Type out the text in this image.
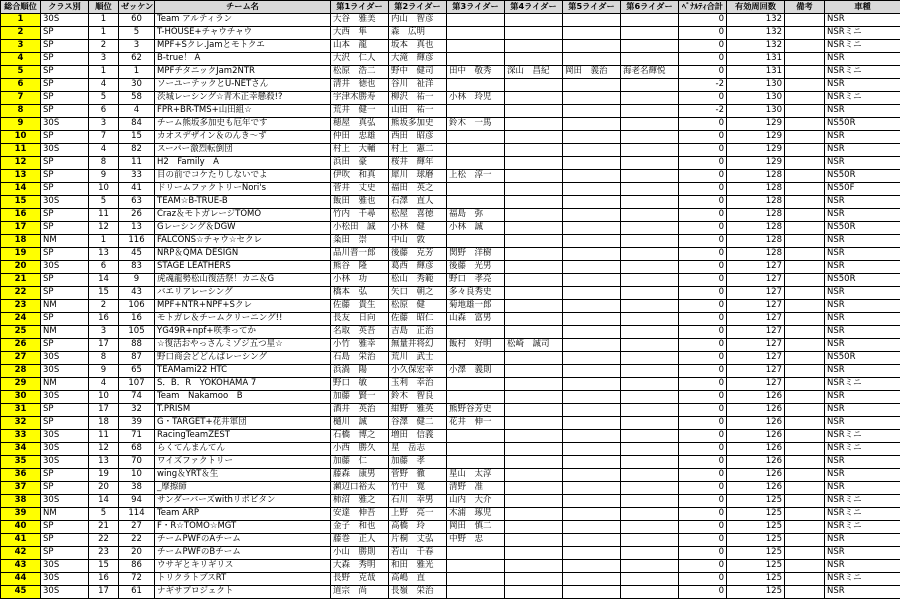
総合順位	クラス別	順位	ゼッケン	チーム名	第1ライダー	第2ライダー	第3ライダー	第4ライダー	第5ライダー	第6ライダー	ﾍﾟﾅﾙﾃｨ合計	有効周回数	備考	車種
1	30S	1	60	Team アルティラン	大谷　雅美	内山　智彦					0	132		NSR
2	SP	1	5	T-HOUSE+チャウチャウ	大西　隼	森　広明					0	132		NSRミニ
3	SP	2	3	MPF+Sクレ.Jamとモトクエ	山本　龍	坂本　真也					0	132		NSRミニ
4	SP	3	62	B-true！ A	大沢　仁人	大滝　輝彦					0	131		NSR
5	SP	1	1	MPFチタニックJam2NTR	松原　浩二	野中　健司	田中　敬秀	深山　昌紀	岡田　義治	海老名輝悦	0	131		NSRミニ
6	SP	4	30	ソーユーテックとU-NETさん	清井　徳也	谷川　祉洋					-2	130		NSR
7	SP	5	58	茨城レーシング☆青木正幸懸殺!?	宇津木勝寿	柳沢　祐一	小林　玲児				0	130		NSRミニ
8	SP	6	4	FPR+BR-TMS+山田組☆	荒井　健一	山田　祐一					-2	130		NSR
9	30S	3	84	チーム熊坂多加史も厄年です	穂屋　真弘	熊坂多加史	鈴木　一馬				0	129		NS50R
10	SP	7	15	カオスデザイン＆のんき〜ず	仲田　忠雄	西田　昭彦					0	129		NSR
11	30S	4	82	スーパー激烈転倒団	村上　大輔	村上　憲二					0	129		NSR
12	SP	8	11	H2　Family　A	浜田　豪	桜井　輝年					0	129		NSR
13	SP	9	33	目の前でコケたりしないでよ	伊吹　和真	犀川　球磨	上松　淳一				0	128		NS50R
14	SP	10	41	ドリームファクトリーNori's	菅井　丈史	福田　英之					0	128		NS50F
15	30S	5	63	TEAM☆B-TRUE-B	飯田　雅也	石澤　直人					0	128		NSR
16	SP	11	26	Craz＆モトガレージTOMO	竹内　千尋	松屋　喜徳	福島　弥				0	128		NSR
17	SP	12	13	Gレーシング＆DGW	小松田　誠	小林　健	小林　誠				0	128		NS50R
18	NM	1	116	FALCONS☆チャウ☆セクレ	粂田　崇	中山　敦					0	128		NSR
19	SP	13	45	NRP＆QMA DESIGN	品川晋一郎	後藤　克芳	関野　洋樹				0	128		NSR
20	30S	6	83	STAGE LEATHERS	熊谷　隆	葛西　輝彦	後藤　光男				0	127		NSR
21	SP	14	9	虎魂龍勢松山復活祭！カニ＆G	小林　功	松山　秀範	野口　孝亮				0	127		NS50R
22	SP	15	43	バエリアレーシング	橋本　弘	矢口　朝之	多々良秀史				0	127		NSR
23	NM	2	106	MPF+NTR+NPF+Sクレ	佐藤　貴生	松原　健	菊地雄一郎				0	127		NSR
24	SP	16	16	モトガレ＆チームクリーニング!!	長友　日向	佐藤　昭仁	山森　富男				0	127		NSR
25	NM	3	105	YG49R+npf+咲季ってか	名取　英吾	吉島　正治					0	127		NSR
26	SP	17	88	☆復活おやっさんミゾジ五つ星☆	小竹　雅幸	無量井将幻	飯村　好明	松崎　誠司			0	127		NSR
27	30S	8	87	野口商会どどんぱレーシング	石島　栄治	荒川　武士					0	127		NS50R
28	30S	9	65	TEAMami22 HTC	浜渦　陽	小久保宏幸	小澤　義則				0	127		NSR
29	NM	4	107	S．B．R　YOKOHAMA 7	野口　敏	玉利　幸治					0	127		NSRミニ
30	30S	10	74	Team　Nakamoo　B	加藤　賢一	鈴木　智良					0	126		NSR
31	SP	17	32	T.PRISM	酒井　英治	紺野　雅英	熊野谷芳史				0	126		NSR
32	SP	18	39	G・TARGET+花井軍団	樋川　誠	谷澤　健二	花井　伸一				0	126		NSR
33	30S	11	71	RacingTeamZEST	石橋　博之	増田　信義					0	126		NSRミニ
34	30S	12	68	らくてんまんてん	小西　勝久	星　岳志					0	126		NSRミニ
35	30S	13	70	ワイズファクトリー	加藤　仁	加藤　孝					0	126		NSR
36	SP	19	10	wing＆YRT＆生	藤森　康男	菅野　徹	星山　太淳				0	126		NSR
37	SP	20	38	_摩擦師	瀬辺口裕太	竹中　寛	清野　准				0	126		NSR
38	30S	14	94	サンダーバーズwithリポビタン	柿沼　雅之	石川　幸男	山内　大介				0	125		NSRミニ
39	NM	5	114	Team ARP	安達　伸吾	上野　亮一	木浦　琢児				0	125		NSRミニ
40	SP	21	27	F・R☆TOMO☆MGT	金子　和也	高橋　玲	岡田　慎二				0	125		NSRミニ
41	SP	22	22	チームPWFのAチーム	藤巻　正人	片桐　丈弘	中野　忠				0	125		NSR
42	SP	23	20	チームPWFのBチーム	小山　勝則	若山　千春					0	125		NSR
43	30S	15	86	ウサギとキリギリス	大森　秀明	和田　雅光					0	125		NSR
44	30S	16	72	トリクラトブスRT	長野　克哉	高嶋　直					0	125		NSRミニ
45	30S	17	61	ナギサプロジェクト	道宗　尚	長嶺　栄治					0	125		NSR
